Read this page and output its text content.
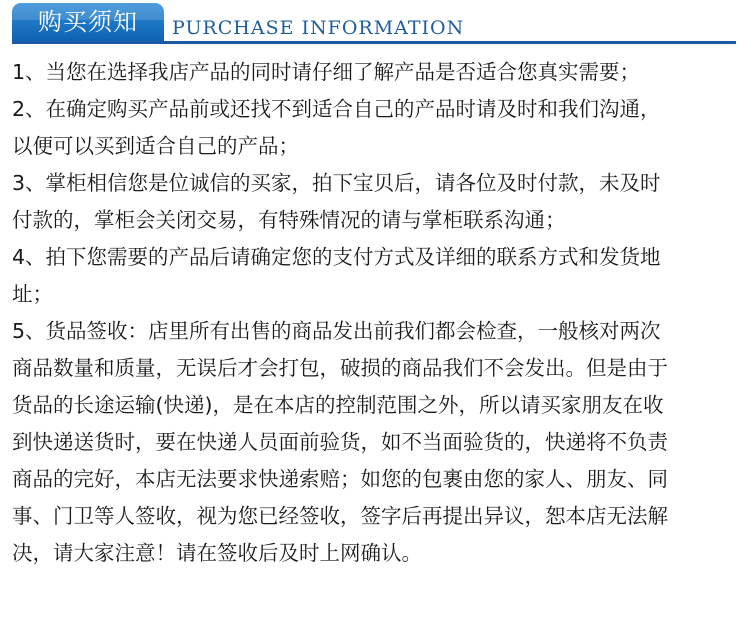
购买须知	PURCHASE INFORMATION
1、当您在选择我店产品的同时请仔细了解产品是否适合您真实需要；
2、在确定购买产品前或还找不到适合自己的产品时请及时和我们沟通，
以便可以买到适合自己的产品；
3、掌柜相信您是位诚信的买家，拍下宝贝后，请各位及时付款，未及时
付款的，掌柜会关闭交易，有特殊情况的请与掌柜联系沟通；
4、拍下您需要的产品后请确定您的支付方式及详细的联系方式和发货地
址；
5、货品签收：店里所有出售的商品发出前我们都会检查，一般核对两次
商品数量和质量，无误后才会打包，破损的商品我们不会发出。但是由于
货品的长途运输(快递)，是在本店的控制范围之外，所以请买家朋友在收
到快递送货时，要在快递人员面前验货，如不当面验货的，快递将不负责
商品的完好，本店无法要求快递索赔；如您的包裹由您的家人、朋友、同
事、门卫等人签收，视为您已经签收，签字后再提出异议，恕本店无法解
决，请大家注意！请在签收后及时上网确认。
